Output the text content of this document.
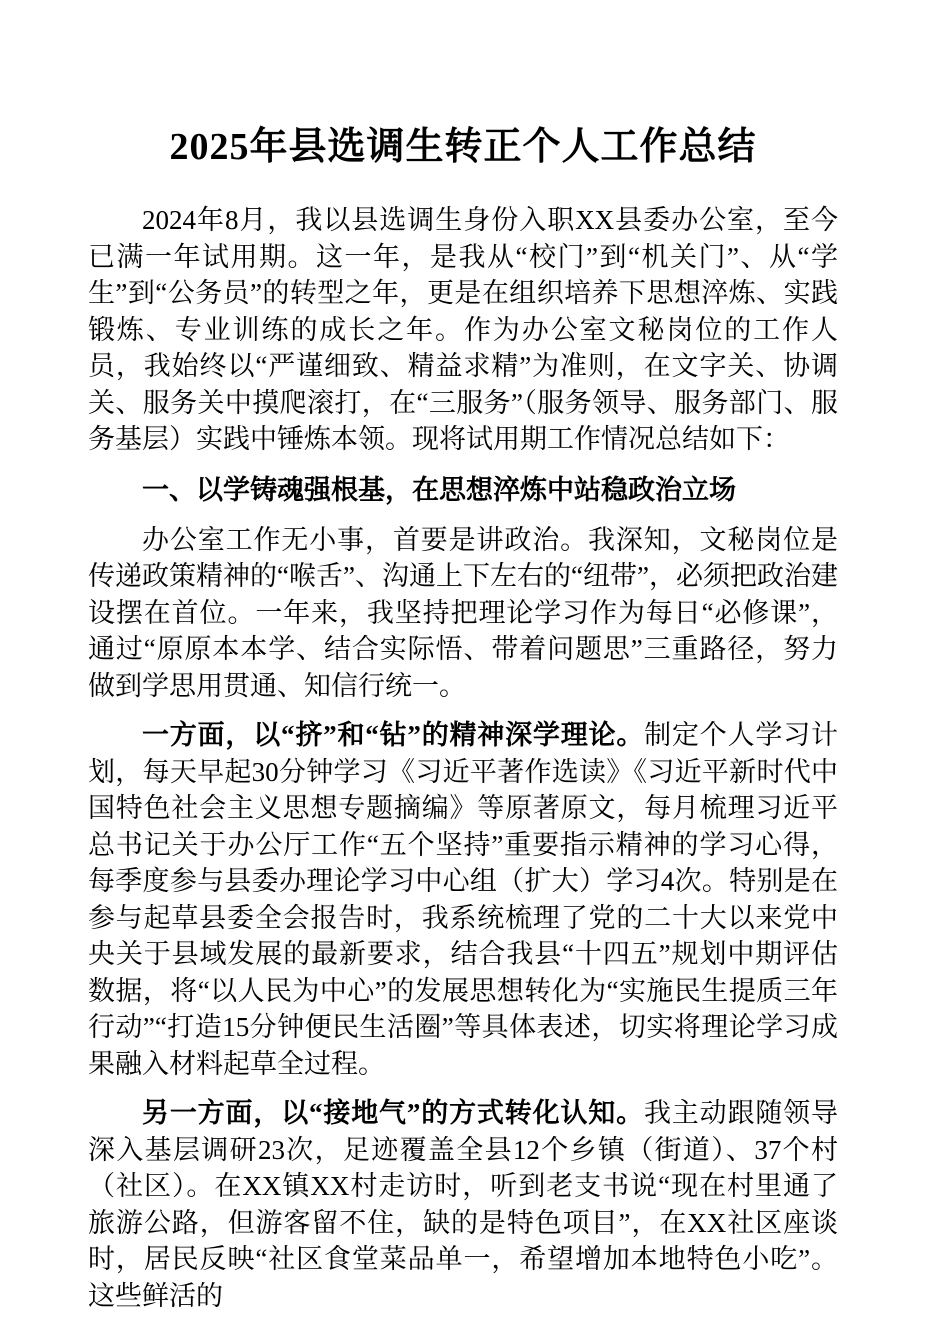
2025年县选调生转正个人工作总结

2024年8月，我以县选调生身份入职XX县委办公室，至今已满一年试用期。这一年，是我从“校门”到“机关门”、从“学生”到“公务员”的转型之年，更是在组织培养下思想淬炼、实践锻炼、专业训练的成长之年。作为办公室文秘岗位的工作人员，我始终以“严谨细致、精益求精”为准则，在文字关、协调关、服务关中摸爬滚打，在“三服务”（服务领导、服务部门、服务基层）实践中锤炼本领。现将试用期工作情况总结如下：

一、以学铸魂强根基，在思想淬炼中站稳政治立场

办公室工作无小事，首要是讲政治。我深知，文秘岗位是传递政策精神的“喉舌”、沟通上下左右的“纽带”，必须把政治建设摆在首位。一年来，我坚持把理论学习作为每日“必修课”，通过“原原本本学、结合实际悟、带着问题思”三重路径，努力做到学思用贯通、知信行统一。

一方面，以“挤”和“钻”的精神深学理论。制定个人学习计划，每天早起30分钟学习《习近平著作选读》《习近平新时代中国特色社会主义思想专题摘编》等原著原文，每月梳理习近平总书记关于办公厅工作“五个坚持”重要指示精神的学习心得，每季度参与县委办理论学习中心组（扩大）学习4次。特别是在参与起草县委全会报告时，我系统梳理了党的二十大以来党中央关于县域发展的最新要求，结合我县“十四五”规划中期评估数据，将“以人民为中心”的发展思想转化为“实施民生提质三年行动”“打造15分钟便民生活圈”等具体表述，切实将理论学习成果融入材料起草全过程。

另一方面，以“接地气”的方式转化认知。我主动跟随领导深入基层调研23次，足迹覆盖全县12个乡镇（街道）、37个村（社区）。在XX镇XX村走访时，听到老支书说“现在村里通了旅游公路，但游客留不住，缺的是特色项目”，在XX社区座谈时，居民反映“社区食堂菜品单一，希望增加本地特色小吃”。这些鲜活的
